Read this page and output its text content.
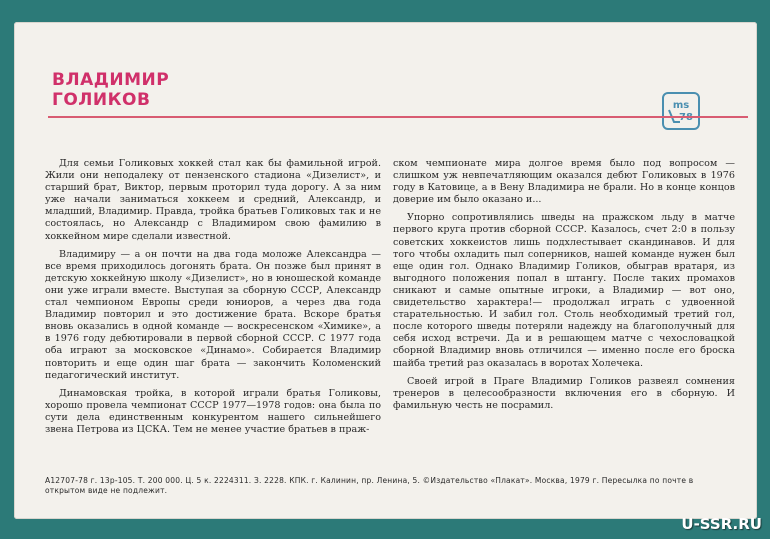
ВЛАДИМИР
ГОЛИКОВ	ms

Для семьи Голиковых хоккей стал как бы фамильной игрой. Жили они неподалеку от пензенского стадиона «Дизелист», и старший брат, Виктор, первым проторил туда дорогу. А за ним уже начали заниматься хоккеем и средний, Александр, и младший, Владимир. Правда, тройка братьев Голиковых так и не состоялась, но Александр с Владимиром свою фамилию в хоккейном мире сделали известной.

Владимиру — а он почти на два года моложе Александра — все время приходилось догонять брата. Он позже был принят в детскую хоккейную школу «Дизелист», но в юношеской команде они уже играли вместе. Выступая за сборную СССР, Александр стал чемпионом Европы среди юниоров, а через два года Владимир повторил и это достижение брата. Вскоре братья вновь оказались в одной команде — воскресенском «Химике», а в 1976 году дебютировали в первой сборной СССР. С 1977 года оба играют за московское «Динамо». Собирается Владимир повторить и еще один шаг брата — закончить Коломенский педагогический институт.

Динамовская тройка, в которой играли братья Голиковы, хорошо провела чемпионат СССР 1977—1978 годов: она была по сути дела единственным конкурентом нашего сильнейшего звена Петрова из ЦСКА. Тем не менее участие братьев в праж-

ском чемпионате мира долгое время было под вопросом — слишком уж невпечатляющим оказался дебют Голиковых в 1976 году в Катовице, а в Вену Владимира не брали. Но в конце концов доверие им было оказано и...

Упорно сопротивлялись шведы на пражском льду в матче первого круга против сборной СССР. Казалось, счет 2:0 в пользу советских хоккеистов лишь подхлестывает скандинавов. И для того чтобы охладить пыл соперников, нашей команде нужен был еще один гол. Однако Владимир Голиков, обыграв вратаря, из выгодного положения попал в штангу. После таких промахов сникают и самые опытные игроки, а Владимир — вот оно, свидетельство характера!— продолжал играть с удвоенной старательностью. И забил гол. Столь необходимый третий гол, после которого шведы потеряли надежду на благополучный для себя исход встречи. Да и в решающем матче с чехословацкой сборной Владимир вновь отличился — именно после его броска шайба третий раз оказалась в воротах Холечека.

Своей игрой в Праге Владимир Голиков развеял сомнения тренеров в целесообразности включения его в сборную. И фамильную честь не посрамил.

А12707-78 г. 13р-105. Т. 200 000. Ц. 5 к. 2224311. З. 2228. КПК. г. Калинин, пр. Ленина, 5. ©Издательство «Плакат». Москва, 1979 г. Пересылка по почте в
открытом виде не подлежит.
U-SSR.RU
